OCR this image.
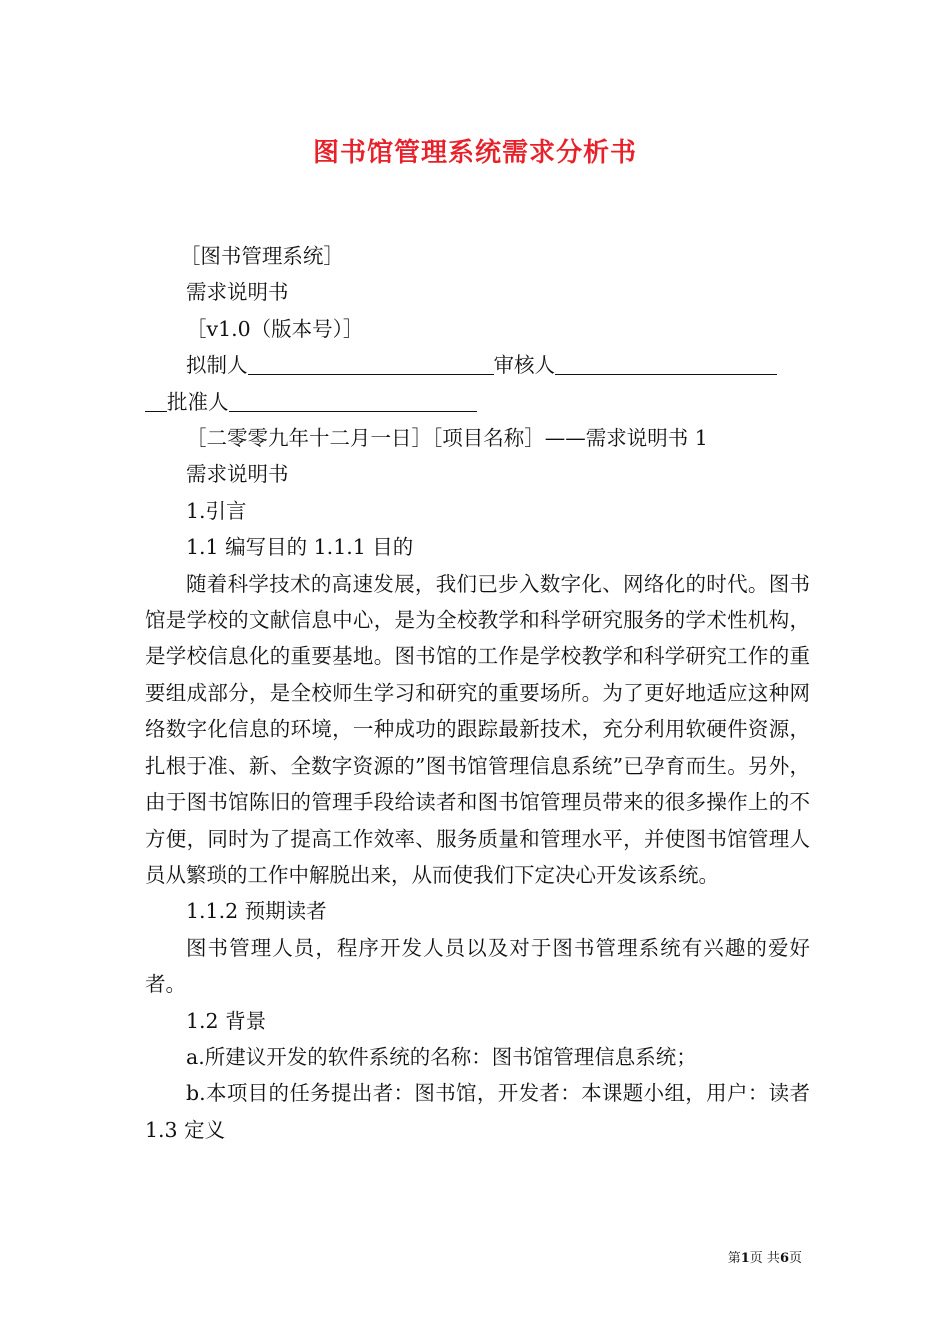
图书馆管理系统需求分析书

［图书管理系统］

需求说明书

［v1.0（版本号）］

拟制人	审核人

批准人

［二零零九年十二月一日］［项目名称］——需求说明书 1

需求说明书

1.引言

1.1 编写目的 1.1.1 目的

随着科学技术的高速发展，我们已步入数字化、网络化的时代。图书馆是学校的文献信息中心，是为全校教学和科学研究服务的学术性机构，是学校信息化的重要基地。图书馆的工作是学校教学和科学研究工作的重要组成部分，是全校师生学习和研究的重要场所。为了更好地适应这种网络数字化信息的环境，一种成功的跟踪最新技术，充分利用软硬件资源，扎根于准、新、全数字资源的”图书馆管理信息系统”已孕育而生。另外，由于图书馆陈旧的管理手段给读者和图书馆管理员带来的很多操作上的不方便，同时为了提高工作效率、服务质量和管理水平，并使图书馆管理人员从繁琐的工作中解脱出来，从而使我们下定决心开发该系统。

1.1.2 预期读者

图书管理人员，程序开发人员以及对于图书管理系统有兴趣的爱好者。

1.2 背景

a.所建议开发的软件系统的名称：图书馆管理信息系统；

b.本项目的任务提出者：图书馆，开发者：本课题小组，用户：读者 1.3 定义

第1页 共6页
